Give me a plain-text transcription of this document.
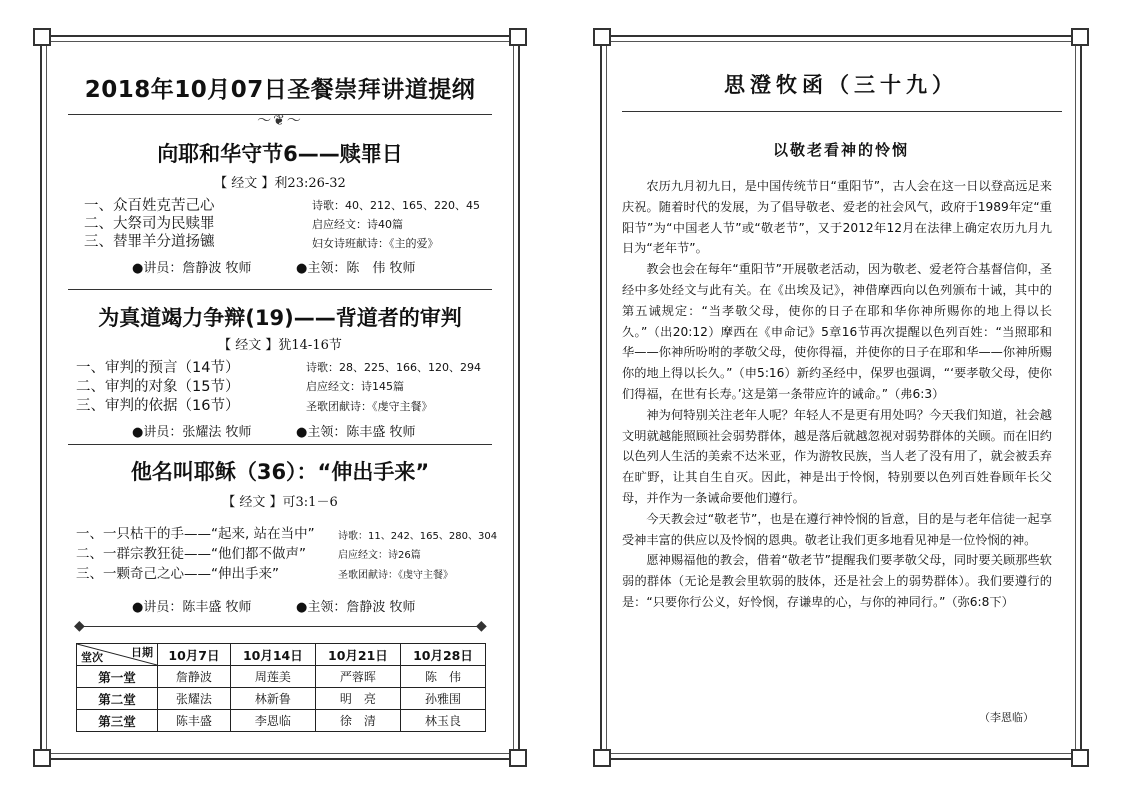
2018年10月07日圣餐崇拜讲道提纲
～❦～
向耶和华守节6——赎罪日
【 经文 】利23:26-32
一、众百姓克苦己心
二、大祭司为民赎罪
三、替罪羊分道扬镳
诗歌：40、212、165、220、45
启应经文：诗40篇
妇女诗班献诗：《主的爱》
●讲员：詹静波 牧师	●主领：陈　伟 牧师
为真道竭力争辩(19)——背道者的审判
【 经文 】犹14-16节
一、审判的预言（14节）
二、审判的对象（15节）
三、审判的依据（16节）
诗歌：28、225、166、120、294
启应经文：诗145篇
圣歌团献诗：《虔守主餐》
●讲员：张耀法 牧师	●主领：陈丰盛 牧师
他名叫耶稣（36）：“伸出手来”
【 经文 】可3:1－6
一、一只枯干的手——“起来, 站在当中”
二、一群宗教狂徒——“他们都不做声”
三、一颗奇己之心——“伸出手来”
诗歌：11、242、165、280、304
启应经文：诗26篇
圣歌团献诗：《虔守主餐》
●讲员：陈丰盛 牧师	●主领：詹静波 牧师
◆	◆
日期
堂次	10月7日	10月14日	10月21日	10月28日
第一堂	詹静波	周莲美	严蓉晖	陈　伟
第二堂	张耀法	林新鲁	明　亮	孙雅围
第三堂	陈丰盛	李恩临	徐　清	林玉良
思澄牧函（三十九）
以敬老看神的怜悯

农历九月初九日，是中国传统节日“重阳节”，古人会在这一日以登高远足来庆祝。随着时代的发展，为了倡导敬老、爱老的社会风气，政府于1989年定“重阳节”为“中国老人节”或“敬老节”，又于2012年12月在法律上确定农历九月九日为“老年节”。

教会也会在每年“重阳节”开展敬老活动，因为敬老、爱老符合基督信仰，圣经中多处经文与此有关。在《出埃及记》，神借摩西向以色列颁布十诫，其中的第五诫规定：“当孝敬父母，使你的日子在耶和华你神所赐你的地上得以长久。”（出20:12）摩西在《申命记》5章16节再次提醒以色列百姓：“当照耶和华——你神所吩咐的孝敬父母，使你得福，并使你的日子在耶和华——你神所赐你的地上得以长久。”（申5:16）新约圣经中，保罗也强调，“‘要孝敬父母，使你们得福，在世有长寿。’这是第一条带应许的诫命。”（弗6:3）

神为何特别关注老年人呢？年轻人不是更有用处吗？今天我们知道，社会越文明就越能照顾社会弱势群体，越是落后就越忽视对弱势群体的关顾。而在旧约以色列人生活的美索不达米亚，作为游牧民族，当人老了没有用了，就会被丢弃在旷野，让其自生自灭。因此，神是出于怜悯，特别要以色列百姓眷顾年长父母，并作为一条诫命要他们遵行。

今天教会过“敬老节”，也是在遵行神怜悯的旨意，目的是与老年信徒一起享受神丰富的供应以及怜悯的恩典。敬老让我们更多地看见神是一位怜悯的神。

愿神赐福他的教会，借着“敬老节”提醒我们要孝敬父母，同时要关顾那些软弱的群体（无论是教会里软弱的肢体，还是社会上的弱势群体）。我们要遵行的是：“只要你行公义，好怜悯，存谦卑的心，与你的神同行。”（弥6:8下）

（李恩临）
